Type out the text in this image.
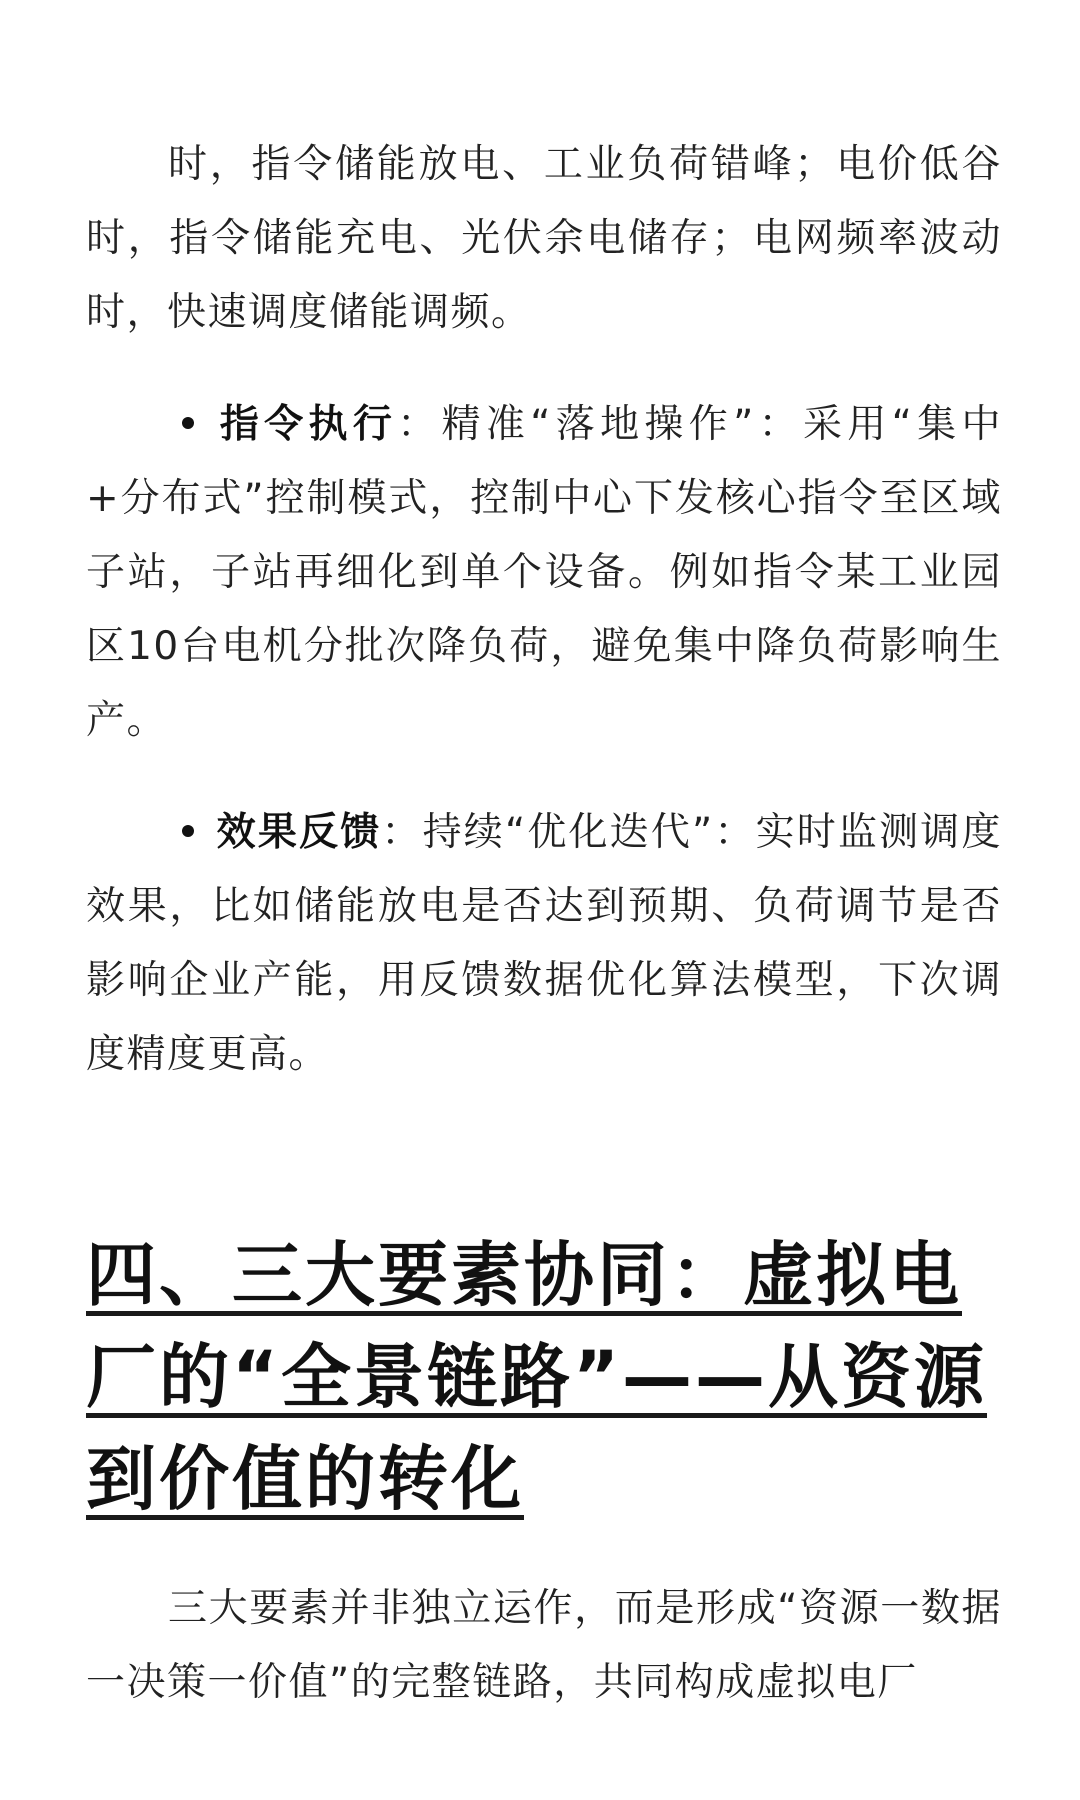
时，指令储能放电、工业负荷错峰；电价低谷时，指令储能充电、光伏余电储存；电网频率波动时，快速调度储能调频。

指令执行：精准“落地操作”：采用“集中+分布式”控制模式，控制中心下发核心指令至区域子站，子站再细化到单个设备。例如指令某工业园区10台电机分批次降负荷，避免集中降负荷影响生产。

效果反馈：持续“优化迭代”：实时监测调度效果，比如储能放电是否达到预期、负荷调节是否影响企业产能，用反馈数据优化算法模型，下次调度精度更高。

四、三大要素协同：虚拟电厂的“全景链路”——从资源到价值的转化

三大要素并非独立运作，而是形成“资源一数据一决策一价值”的完整链路，共同构成虚拟电厂
